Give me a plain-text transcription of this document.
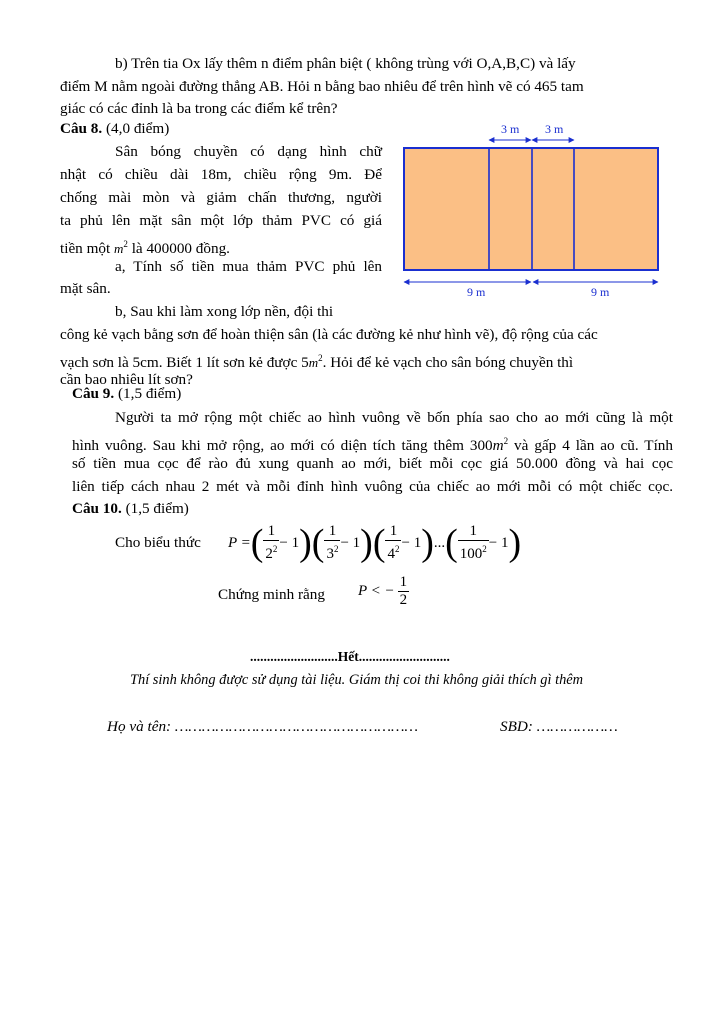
b) Trên tia Ox lấy thêm n điểm phân biệt ( không trùng với O,A,B,C) và lấy
điểm M nằm ngoài đường thẳng AB. Hỏi n bằng bao nhiêu để trên hình vẽ có 465 tam
giác có các đỉnh là ba trong các điểm kể trên?
Câu 8. (4,0 điểm)
Sân bóng chuyền có dạng hình chữ
nhật có chiều dài 18m, chiều rộng 9m. Để
chống mài mòn và giảm chấn thương, người
ta phủ lên mặt sân một lớp thảm PVC có giá
tiền một $m^2$ là 400000 đồng.
a, Tính số tiền mua thảm PVC phủ lên
mặt sân.
b, Sau khi làm xong lớp nền, đội thi
công kẻ vạch bằng sơn để hoàn thiện sân (là các đường kẻ như hình vẽ), độ rộng của các
vạch sơn là 5cm. Biết 1 lít sơn kẻ được $5m^2$. Hỏi để kẻ vạch cho sân bóng chuyền thì
cần bao nhiêu lít sơn?
3 m 3 m
9 m	9 m
Câu 9. (1,5 điểm)
Người ta mở rộng một chiếc ao hình vuông về bốn phía sao cho ao mới cũng là một
hình vuông. Sau khi mở rộng, ao mới có diện tích tăng thêm $300m^2$ và gấp 4 lần ao cũ. Tính
số tiền mua cọc để rào đủ xung quanh ao mới, biết mỗi cọc giá 50.000 đồng và hai cọc
liên tiếp cách nhau 2 mét và mỗi đỉnh hình vuông của chiếc ao mới mỗi có một chiếc cọc.
Câu 10. (1,5 điểm)
Cho biểu thức P = ( $\frac{1}{2^2} - 1$ ) ( $\frac{1}{3^2} - 1$ ) ( $\frac{1}{4^2} - 1$ ) ... ( $\frac{1}{100^2} - 1$ )
Chứng minh rằng P < − $\frac{1}{2}$
..........................Hết...........................
Thí sinh không được sử dụng tài liệu. Giám thị coi thi không giải thích gì thêm
Họ và tên: ………………………………………………	SBD: ………………
